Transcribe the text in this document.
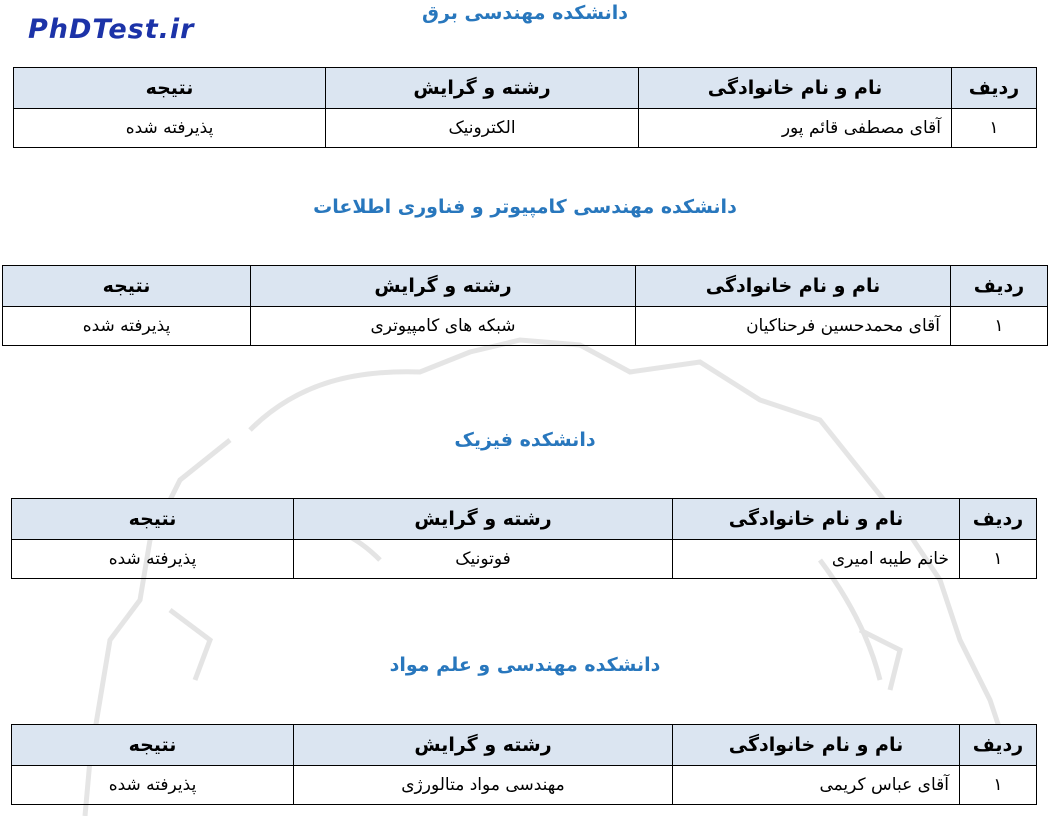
PhDTest.ir
دانشکده مهندسی برق
ردیف	نام و نام خانوادگی	رشته و گرایش	نتیجه
۱	آقای مصطفی قائم پور	الکترونیک	پذیرفته شده
دانشکده مهندسی کامپیوتر و فناوری اطلاعات
ردیف	نام و نام خانوادگی	رشته و گرایش	نتیجه
۱	آقای محمدحسین فرحناکیان	شبکه های کامپیوتری	پذیرفته شده
دانشکده فیزیک
ردیف	نام و نام خانوادگی	رشته و گرایش	نتیجه
۱	خانم طیبه امیری	فوتونیک	پذیرفته شده
دانشکده مهندسی و علم مواد
ردیف	نام و نام خانوادگی	رشته و گرایش	نتیجه
۱	آقای عباس کریمی	مهندسی مواد متالورژی	پذیرفته شده
